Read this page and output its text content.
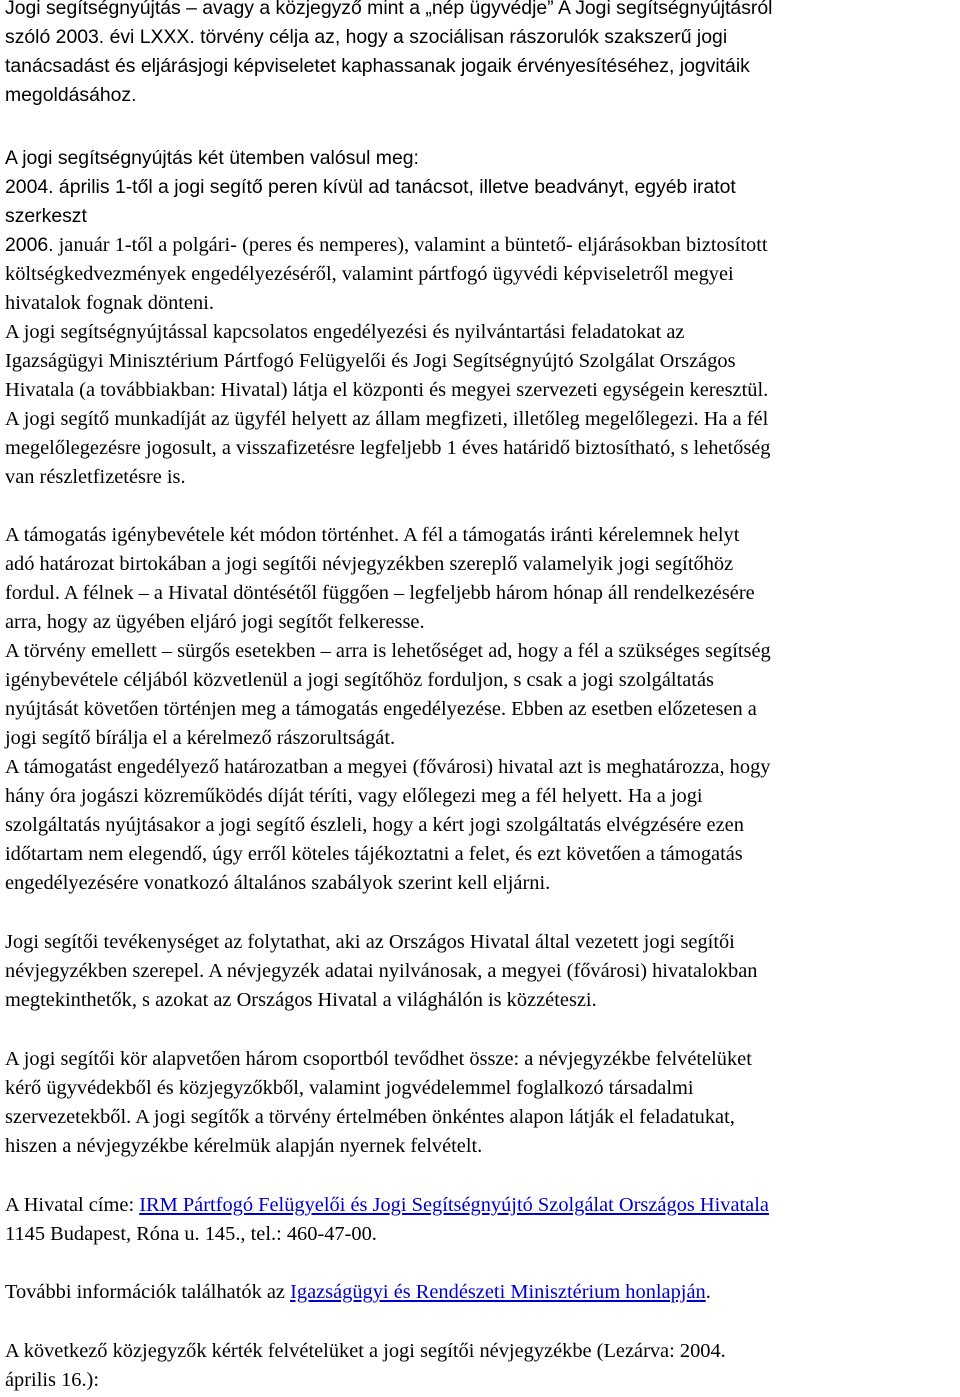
Jogi segítségnyújtás – avagy a közjegyző mint a „nép ügyvédje” A Jogi segítségnyújtásról
szóló 2003. évi LXXX. törvény célja az, hogy a szociálisan rászorulók szakszerű jogi
tanácsadást és eljárásjogi képviseletet kaphassanak jogaik érvényesítéséhez, jogvitáik
megoldásához.

A jogi segítségnyújtás két ütemben valósul meg:

2004. április 1-től a jogi segítő peren kívül ad tanácsot, illetve beadványt, egyéb iratot
szerkeszt

2006. január 1-től a polgári- (peres és nemperes), valamint a büntető- eljárásokban biztosított
költségkedvezmények engedélyezéséről, valamint pártfogó ügyvédi képviseletről megyei
hivatalok fognak dönteni.

A jogi segítségnyújtással kapcsolatos engedélyezési és nyilvántartási feladatokat az
Igazságügyi Minisztérium Pártfogó Felügyelői és Jogi Segítségnyújtó Szolgálat Országos
Hivatala (a továbbiakban: Hivatal) látja el központi és megyei szervezeti egységein keresztül.
A jogi segítő munkadíját az ügyfél helyett az állam megfizeti, illetőleg megelőlegezi. Ha a fél
megelőlegezésre jogosult, a visszafizetésre legfeljebb 1 éves határidő biztosítható, s lehetőség
van részletfizetésre is.

A támogatás igénybevétele két módon történhet. A fél a támogatás iránti kérelemnek helyt
adó határozat birtokában a jogi segítői névjegyzékben szereplő valamelyik jogi segítőhöz
fordul. A félnek – a Hivatal döntésétől függően – legfeljebb három hónap áll rendelkezésére
arra, hogy az ügyében eljáró jogi segítőt felkeresse.
A törvény emellett – sürgős esetekben – arra is lehetőséget ad, hogy a fél a szükséges segítség
igénybevétele céljából közvetlenül a jogi segítőhöz forduljon, s csak a jogi szolgáltatás
nyújtását követően történjen meg a támogatás engedélyezése. Ebben az esetben előzetesen a
jogi segítő bírálja el a kérelmező rászorultságát.
A támogatást engedélyező határozatban a megyei (fővárosi) hivatal azt is meghatározza, hogy
hány óra jogászi közreműködés díját téríti, vagy előlegezi meg a fél helyett. Ha a jogi
szolgáltatás nyújtásakor a jogi segítő észleli, hogy a kért jogi szolgáltatás elvégzésére ezen
időtartam nem elegendő, úgy erről köteles tájékoztatni a felet, és ezt követően a támogatás
engedélyezésére vonatkozó általános szabályok szerint kell eljárni.

Jogi segítői tevékenységet az folytathat, aki az Országos Hivatal által vezetett jogi segítői
névjegyzékben szerepel. A névjegyzék adatai nyilvánosak, a megyei (fővárosi) hivatalokban
megtekinthetők, s azokat az Országos Hivatal a világhálón is közzéteszi.

A jogi segítői kör alapvetően három csoportból tevődhet össze: a névjegyzékbe felvételüket
kérő ügyvédekből és közjegyzőkből, valamint jogvédelemmel foglalkozó társadalmi
szervezetekből. A jogi segítők a törvény értelmében önkéntes alapon látják el feladatukat,
hiszen a névjegyzékbe kérelmük alapján nyernek felvételt.

A Hivatal címe: IRM Pártfogó Felügyelői és Jogi Segítségnyújtó Szolgálat Országos Hivatala
1145 Budapest, Róna u. 145., tel.: 460-47-00.

További információk találhatók az Igazságügyi és Rendészeti Minisztérium honlapján.

A következő közjegyzők kérték felvételüket a jogi segítői névjegyzékbe (Lezárva: 2004.
április 16.):
